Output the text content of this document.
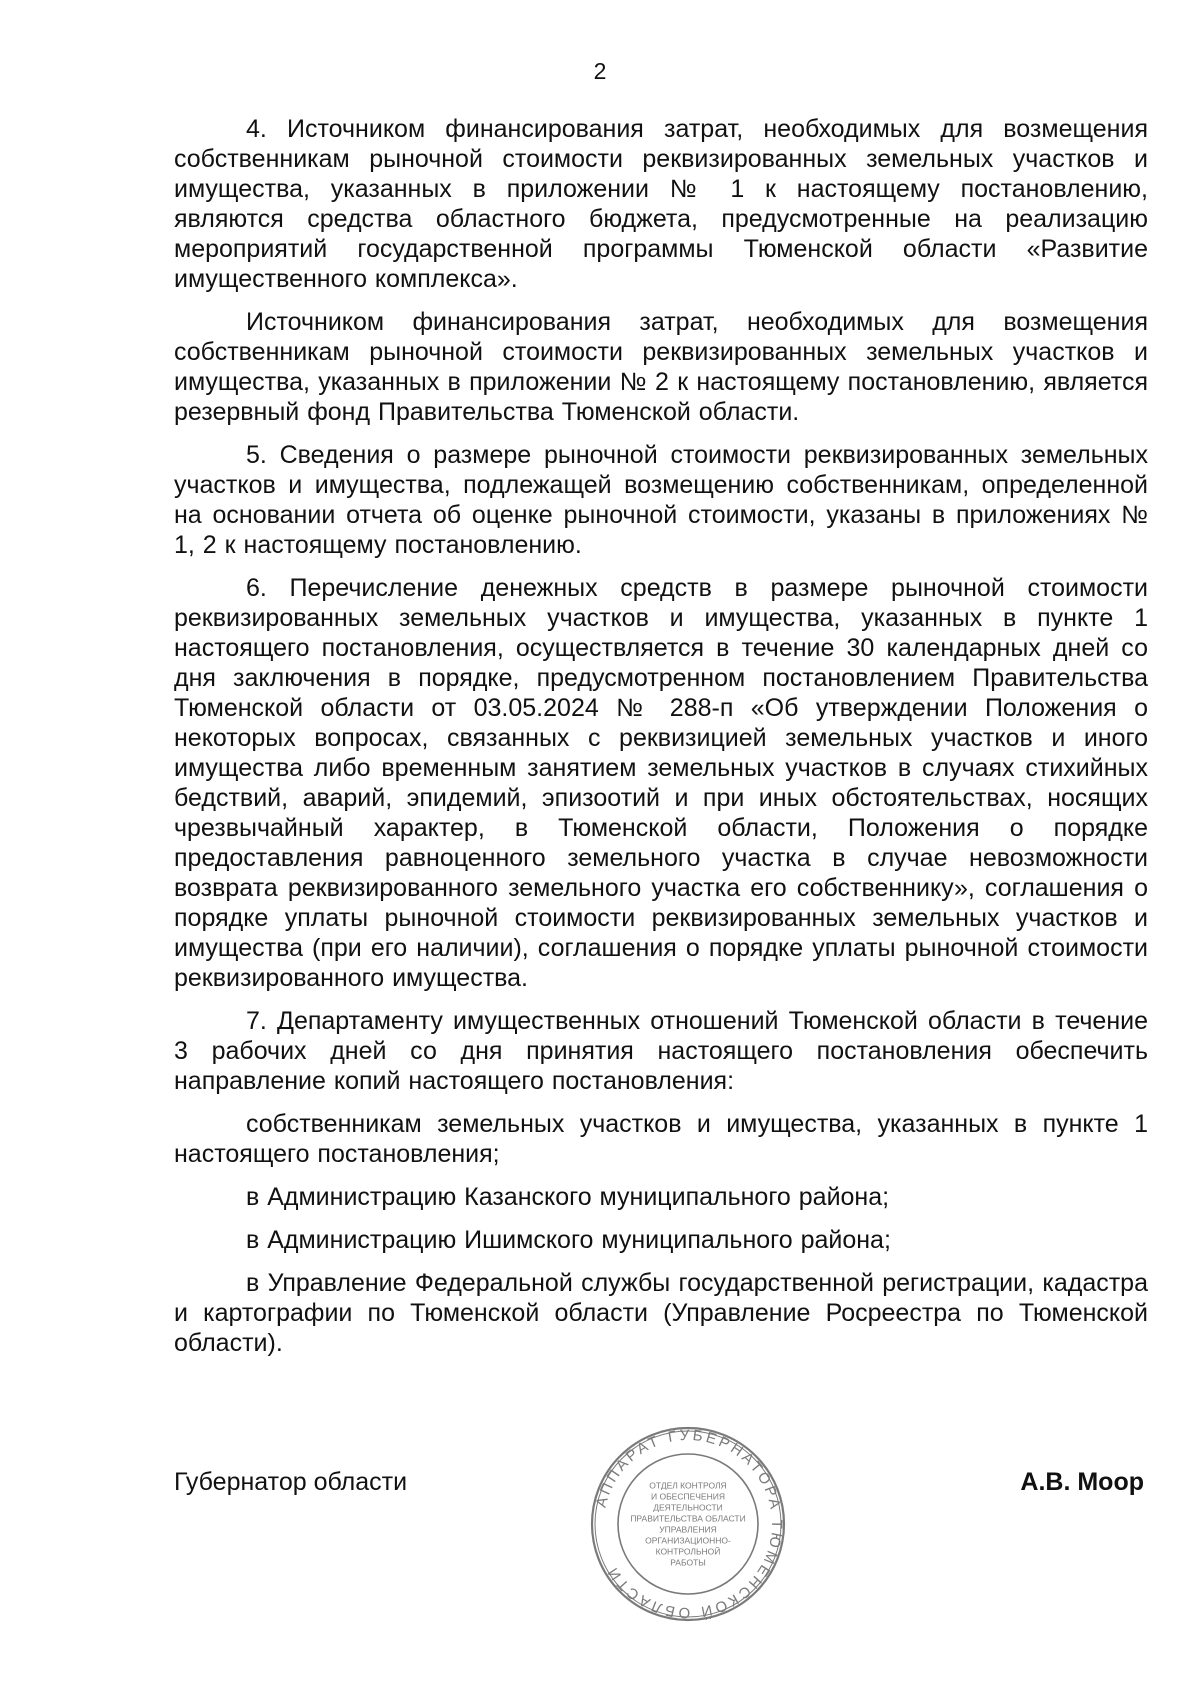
2

4. Источником финансирования затрат, необходимых для возмещения собственникам рыночной стоимости реквизированных земельных участков и имущества, указанных в приложении № 1 к настоящему постановлению, являются средства областного бюджета, предусмотренные на реализацию мероприятий государственной программы Тюменской области «Развитие имущественного комплекса».

Источником финансирования затрат, необходимых для возмещения собственникам рыночной стоимости реквизированных земельных участков и имущества, указанных в приложении № 2 к настоящему постановлению, является резервный фонд Правительства Тюменской области.

5. Сведения о размере рыночной стоимости реквизированных земельных участков и имущества, подлежащей возмещению собственникам, определенной на основании отчета об оценке рыночной стоимости, указаны в приложениях № 1, 2 к настоящему постановлению.

6. Перечисление денежных средств в размере рыночной стоимости реквизированных земельных участков и имущества, указанных в пункте 1 настоящего постановления, осуществляется в течение 30 календарных дней со дня заключения в порядке, предусмотренном постановлением Правительства Тюменской области от 03.05.2024 № 288-п «Об утверждении Положения о некоторых вопросах, связанных с реквизицией земельных участков и иного имущества либо временным занятием земельных участков в случаях стихийных бедствий, аварий, эпидемий, эпизоотий и при иных обстоятельствах, носящих чрезвычайный характер, в Тюменской области, Положения о порядке предоставления равноценного земельного участка в случае невозможности возврата реквизированного земельного участка его собственнику», соглашения о порядке уплаты рыночной стоимости реквизированных земельных участков и имущества (при его наличии), соглашения о порядке уплаты рыночной стоимости реквизированного имущества.

7. Департаменту имущественных отношений Тюменской области в течение 3 рабочих дней со дня принятия настоящего постановления обеспечить направление копий настоящего постановления:

собственникам земельных участков и имущества, указанных в пункте 1 настоящего постановления;

в Администрацию Казанского муниципального района;

в Администрацию Ишимского муниципального района;

в Управление Федеральной службы государственной регистрации, кадастра и картографии по Тюменской области (Управление Росреестра по Тюменской области).

Губернатор области	А.В. Моор
АППАРАТ ГУБЕРНАТОРА ТЮМЕНСКОЙ ОБЛАСТИ
ОТДЕЛ КОНТРОЛЯ
И ОБЕСПЕЧЕНИЯ
ДЕЯТЕЛЬНОСТИ
ПРАВИТЕЛЬСТВА ОБЛАСТИ
УПРАВЛЕНИЯ
ОРГАНИЗАЦИОННО-
КОНТРОЛЬНОЙ
РАБОТЫ
